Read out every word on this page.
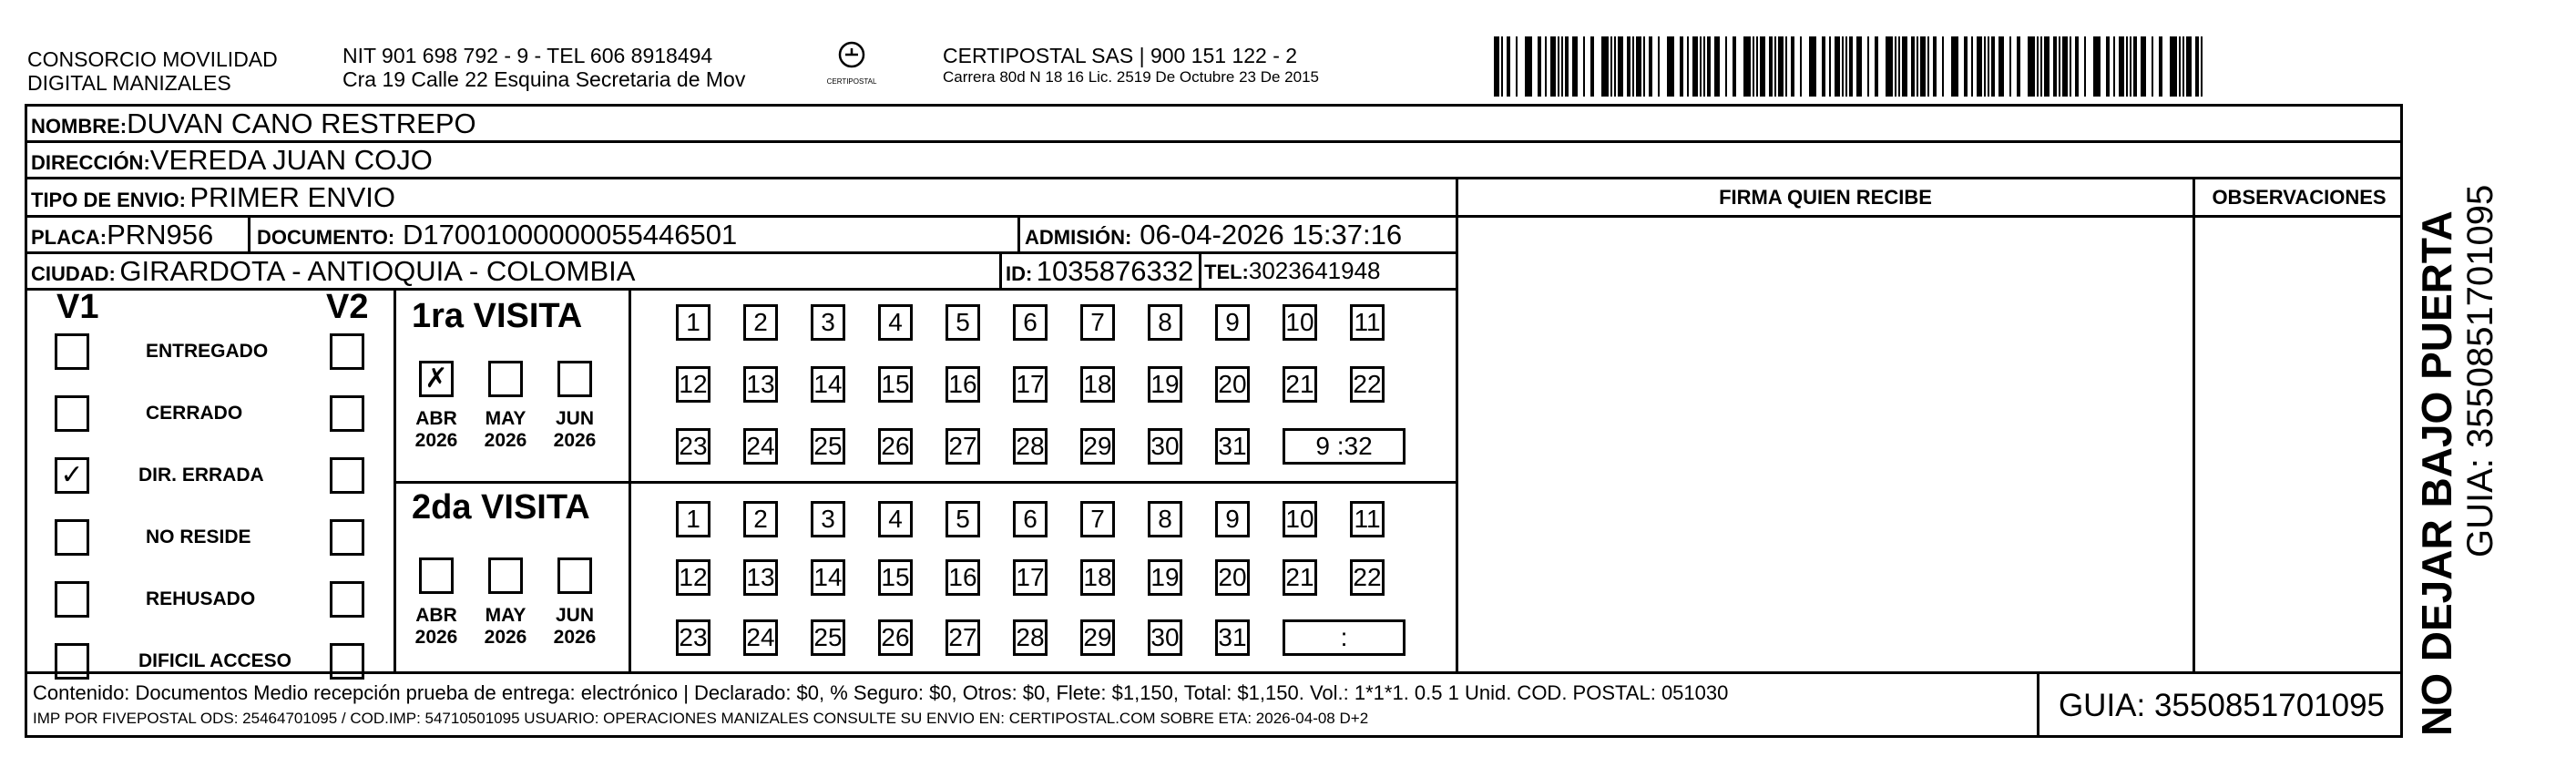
CONSORCIO MOVILIDAD
DIGITAL MANIZALES
NIT 901 698 792 - 9 - TEL 606 8918494
Cra 19 Calle 22 Esquina Secretaria de Mov	CERTIPOSTAL
CERTIPOSTAL SAS | 900 151 122 - 2
Carrera 80d N 18 16 Lic. 2519 De Octubre 23 De 2015
NOMBRE:DUVAN CANO RESTREPO
DIRECCIÓN:VEREDA JUAN COJO
TIPO DE ENVIO: PRIMER ENVIO
PLACA:PRN956 DOCUMENTO: D17001000000055446501	ADMISIÓN: 06-04-2026 15:37:16
CIUDAD: GIRARDOTA - ANTIOQUIA - COLOMBIA	ID: 1035876332 TEL:3023641948
FIRMA QUIEN RECIBE	OBSERVACIONES
V1	V2
ENTREGADO
CERRADO
✓	DIR. ERRADA
NO RESIDE
REHUSADO
DIFICIL ACCESO
1ra VISITA
2da VISITA
✗
ABR
2026
MAY
2026
JUN
2026
ABR
2026
MAY
2026
JUN
2026
1	2	3	4	5	6	7	8	9	10 11
12 13 14 15 16 17 18 19 20 21 22
23 24 25 26 27 28 29 30 31	9 :32
1	2	3	4	5	6	7	8	9	10 11
12 13 14 15 16 17 18 19 20 21 22
23 24 25 26 27 28 29 30 31	:
Contenido: Documentos Medio recepción prueba de entrega: electrónico | Declarado: $0, % Seguro: $0, Otros: $0, Flete: $1,150, Total: $1,150. Vol.: 1*1*1. 0.5 1 Unid. COD. POSTAL: 051030
IMP POR FIVEPOSTAL ODS: 25464701095 / COD.IMP: 54710501095 USUARIO: OPERACIONES MANIZALES CONSULTE SU ENVIO EN: CERTIPOSTAL.COM SOBRE ETA: 2026-04-08 D+2	GUIA: 3550851701095 NO DEJAR BAJO PUERTA GUIA: 3550851701095
